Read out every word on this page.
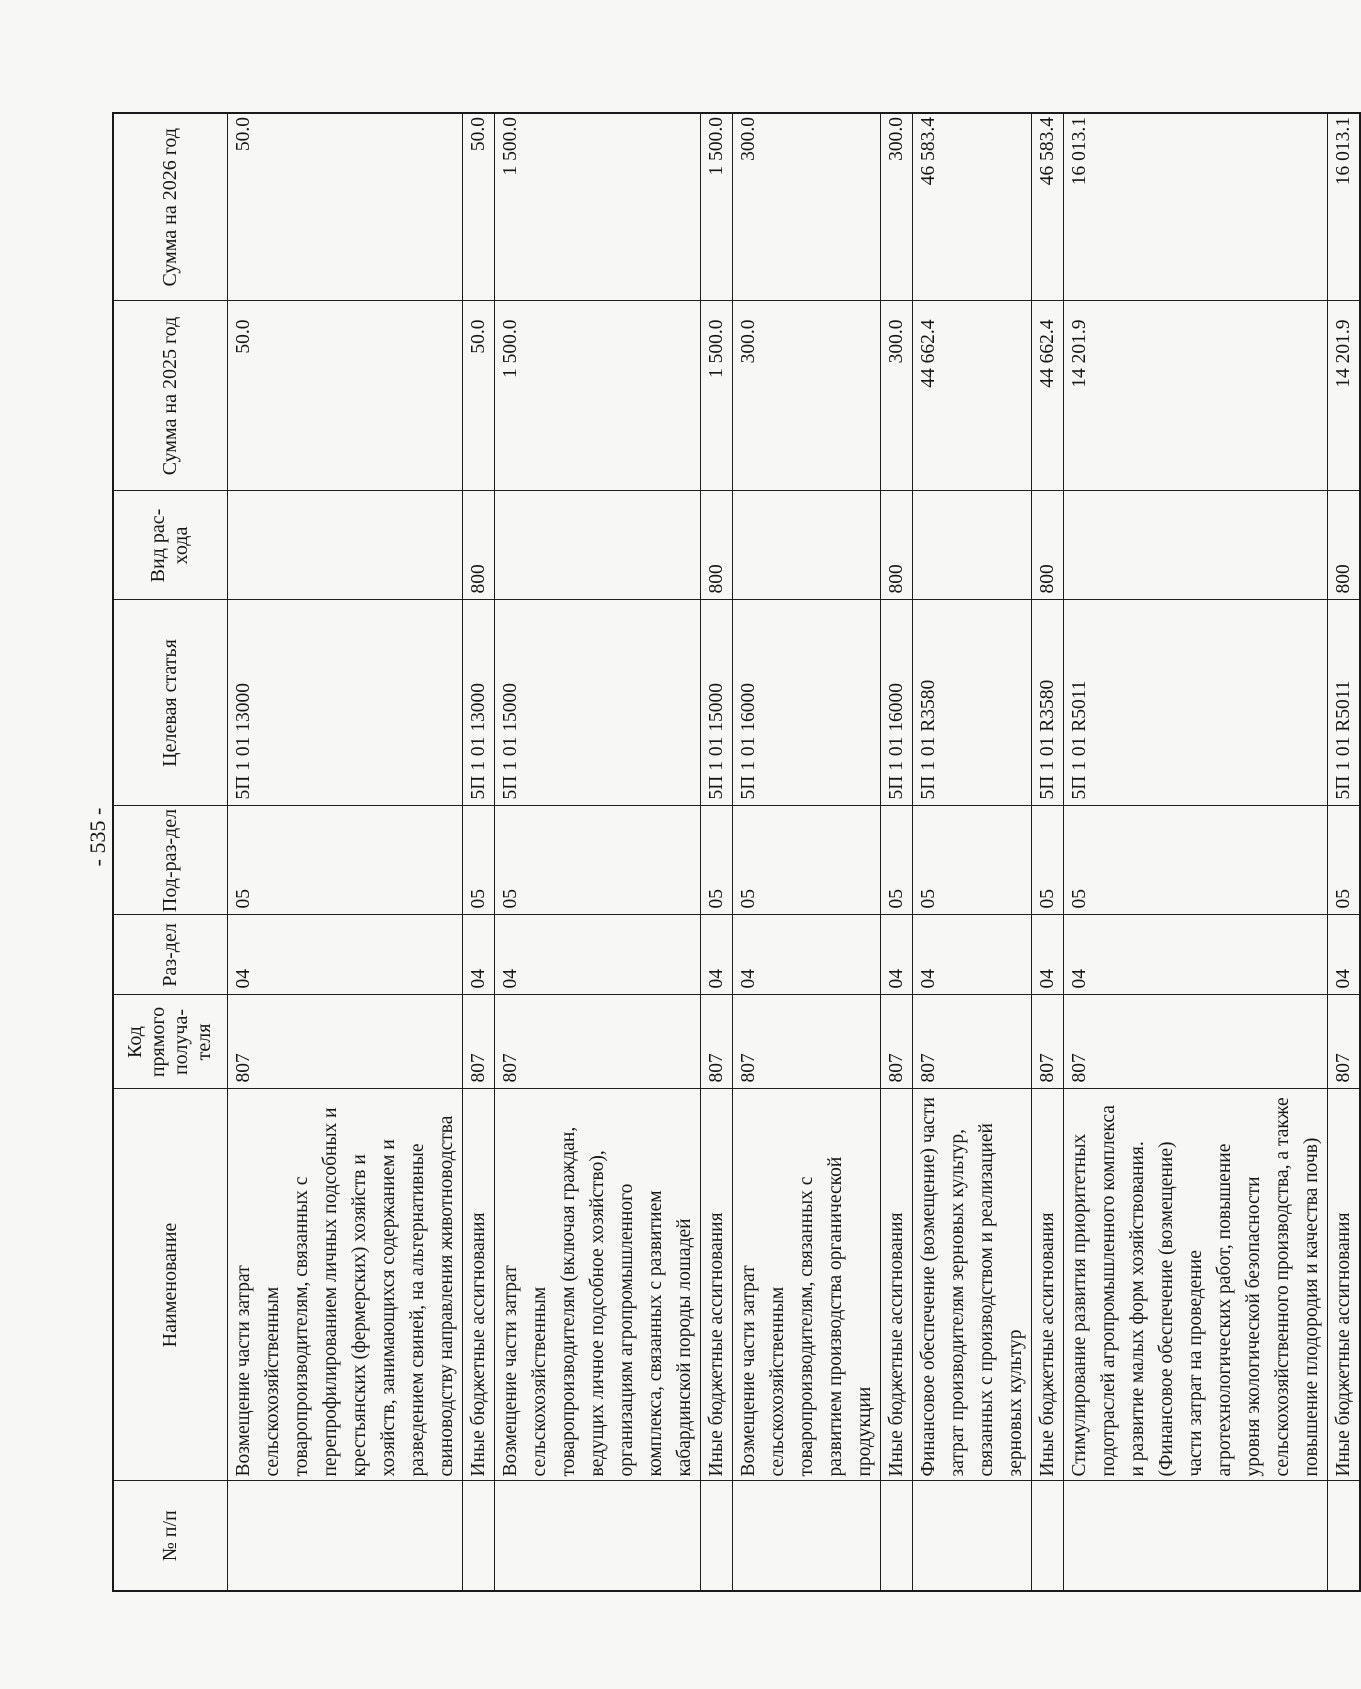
- 535 -
№ п/п	Наименование	Код прямого получа-теля	Раз-дел	Под-раз-дел	Целевая статья	Вид рас-хода	Сумма на 2025 год	Сумма на 2026 год
	Возмещение части затрат сельскохозяйственным товаропроизводителям, связанных с перепрофилированием личных подсобных и крестьянских (фермерских) хозяйств и хозяйств, занимающихся содержанием и разведением свиней, на альтернативные свиноводству направления животноводства	807	04	05	5П 1 01 13000		50.0	50.0
	Иные бюджетные ассигнования	807	04	05	5П 1 01 13000	800	50.0	50.0
	Возмещение части затрат сельскохозяйственным товаропроизводителям (включая граждан, ведущих личное подсобное хозяйство), организациям агропромышленного комплекса, связанных с развитием кабардинской породы лошадей	807	04	05	5П 1 01 15000		1 500.0	1 500.0
	Иные бюджетные ассигнования	807	04	05	5П 1 01 15000	800	1 500.0	1 500.0
	Возмещение части затрат сельскохозяйственным товаропроизводителям, связанных с развитием производства органической продукции	807	04	05	5П 1 01 16000		300.0	300.0
	Иные бюджетные ассигнования	807	04	05	5П 1 01 16000	800	300.0	300.0
	Финансовое обеспечение (возмещение) части затрат производителям зерновых культур, связанных с производством и реализацией зерновых культур	807	04	05	5П 1 01 R3580		44 662.4	46 583.4
	Иные бюджетные ассигнования	807	04	05	5П 1 01 R3580	800	44 662.4	46 583.4
	Стимулирование развития приоритетных подотраслей агропромышленного комплекса и развитие малых форм хозяйствования. (Финансовое обеспечение (возмещение) части затрат на проведение агротехнологических работ, повышение уровня экологической безопасности сельскохозяйственного производства, а также повышение плодородия и качества почв)	807	04	05	5П 1 01 R5011		14 201.9	16 013.1
	Иные бюджетные ассигнования	807	04	05	5П 1 01 R5011	800	14 201.9	16 013.1
